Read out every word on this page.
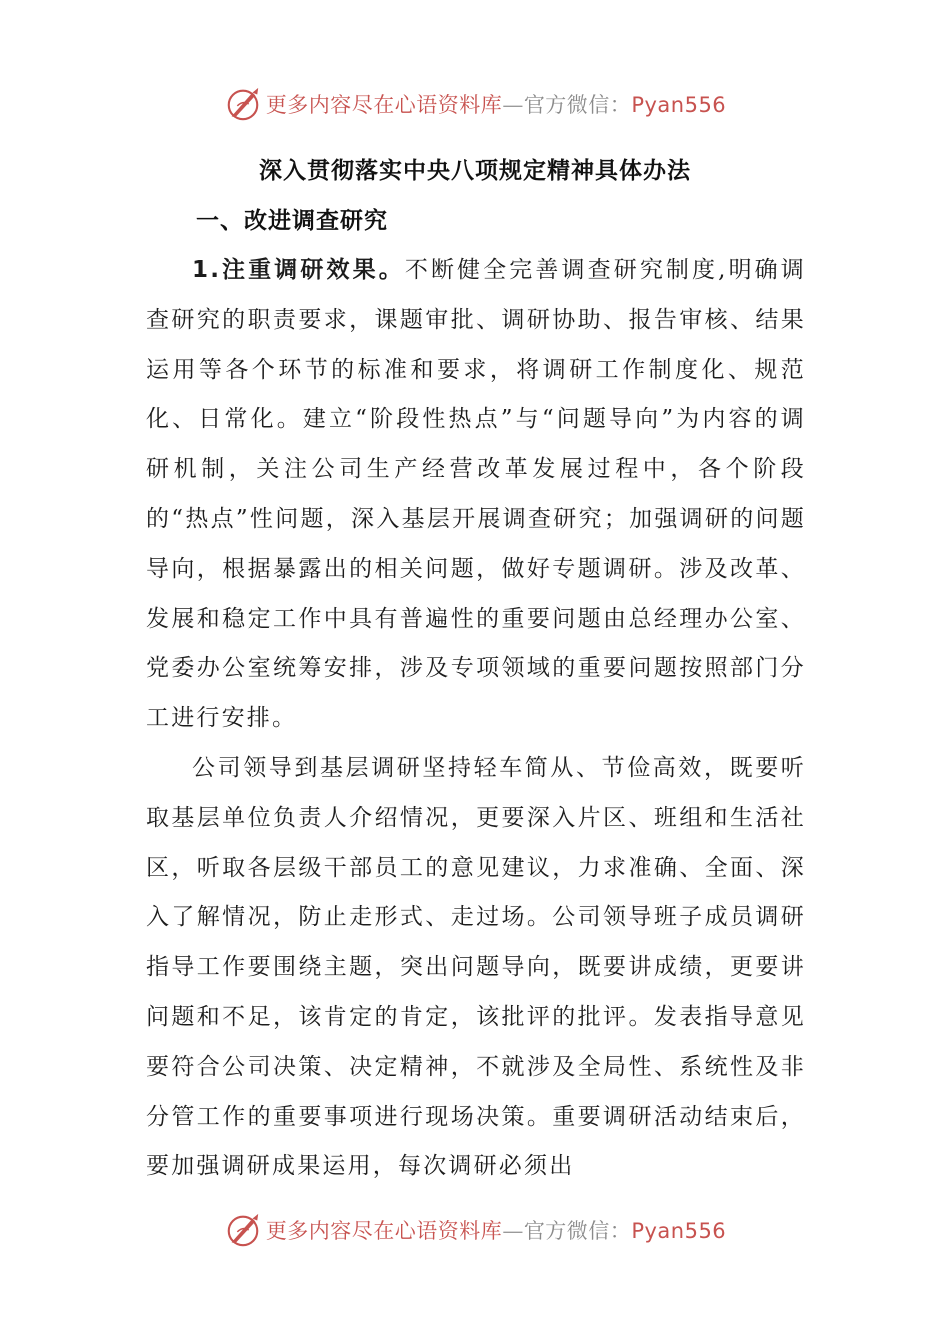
更多内容尽在心语资料库—官方微信：Pyan556
深入贯彻落实中央八项规定精神具体办法
一、改进调查研究

1.注重调研效果。不断健全完善调查研究制度,明确调查研究的职责要求，课题审批、调研协助、报告审核、结果运用等各个环节的标准和要求，将调研工作制度化、规范化、日常化。建立“阶段性热点”与“问题导向”为内容的调研机制，关注公司生产经营改革发展过程中，各个阶段的“热点”性问题，深入基层开展调查研究；加强调研的问题导向，根据暴露出的相关问题，做好专题调研。涉及改革、发展和稳定工作中具有普遍性的重要问题由总经理办公室、党委办公室统筹安排，涉及专项领域的重要问题按照部门分工进行安排。

公司领导到基层调研坚持轻车简从、节俭高效，既要听取基层单位负责人介绍情况，更要深入片区、班组和生活社区，听取各层级干部员工的意见建议，力求准确、全面、深入了解情况，防止走形式、走过场。公司领导班子成员调研指导工作要围绕主题，突出问题导向，既要讲成绩，更要讲问题和不足，该肯定的肯定，该批评的批评。发表指导意见要符合公司决策、决定精神，不就涉及全局性、系统性及非分管工作的重要事项进行现场决策。重要调研活动结束后，要加强调研成果运用，每次调研必须出

更多内容尽在心语资料库—官方微信：Pyan556
